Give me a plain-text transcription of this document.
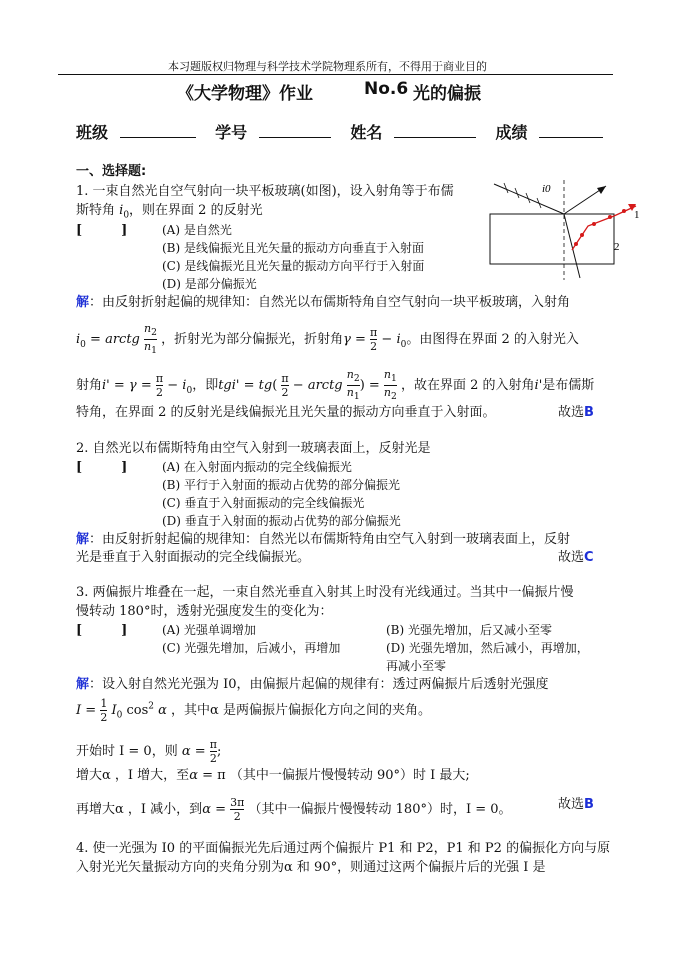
本习题版权归物理与科学技术学院物理系所有，不得用于商业目的
《大学物理》作业	No.6 光的偏振
班级	学号	姓名	成绩
一、选择题:
1. 一束自然光自空气射向一块平板玻璃(如图)，设入射角等于布儒
斯特角 $i_0$，则在界面 2 的反射光
[　　　]	(A) 是自然光
(B) 是线偏振光且光矢量的振动方向垂直于入射面
(C) 是线偏振光且光矢量的振动方向平行于入射面
(D) 是部分偏振光
i0
1
2
解：由反射折射起偏的规律知：自然光以布儒斯特角自空气射向一块平板玻璃，入射角
$i_0$ = arctg $n_2$

$n_1$
，折射光为部分偏振光，折射角γ = π

$2 - i_0$。由图得在界面 2 的入射光入
射角i' = γ = π

$2 - i_0$，即tgi' = tg( π

2 − arctg $n_2$

$n_1$
) = $n_1$

$n_2$
，故在界面 2 的入射角i'是布儒斯
特角，在界面 2 的反射光是线偏振光且光矢量的振动方向垂直于入射面。	故选B
2. 自然光以布儒斯特角由空气入射到一玻璃表面上，反射光是
[　　　]	(A) 在入射面内振动的完全线偏振光
(B) 平行于入射面的振动占优势的部分偏振光
(C) 垂直于入射面振动的完全线偏振光
(D) 垂直于入射面的振动占优势的部分偏振光
解：由反射折射起偏的规律知：自然光以布儒斯特角由空气入射到一玻璃表面上，反射
光是垂直于入射面振动的完全线偏振光。	故选C
3. 两偏振片堆叠在一起，一束自然光垂直入射其上时没有光线通过。当其中一偏振片慢
慢转动 180°时，透射光强度发生的变化为：
[　　　]	(A) 光强单调增加	(B) 光强先增加，后又减小至零
(C) 光强先增加，后减小，再增加	(D) 光强先增加，然后减小，再增加，
再减小至零
解：设入射自然光光强为 I0，由偏振片起偏的规律有：透过两偏振片后透射光强度
I = 1

2 $I_0$ $\cos^2 \alpha$ ，其中α 是两偏振片偏振化方向之间的夹角。
开始时 I = 0，则 α = π

2 ;
增大α ，I 增大，至α = π （其中一偏振片慢慢转动 90°）时 I 最大;
再增大α ，I 减小，到α = 3π

2 （其中一偏振片慢慢转动 180°）时，I = 0。	故选B
4. 使一光强为 I0 的平面偏振光先后通过两个偏振片 P1 和 P2，P1 和 P2 的偏振化方向与原
入射光光矢量振动方向的夹角分别为α 和 90°，则通过这两个偏振片后的光强 I 是
